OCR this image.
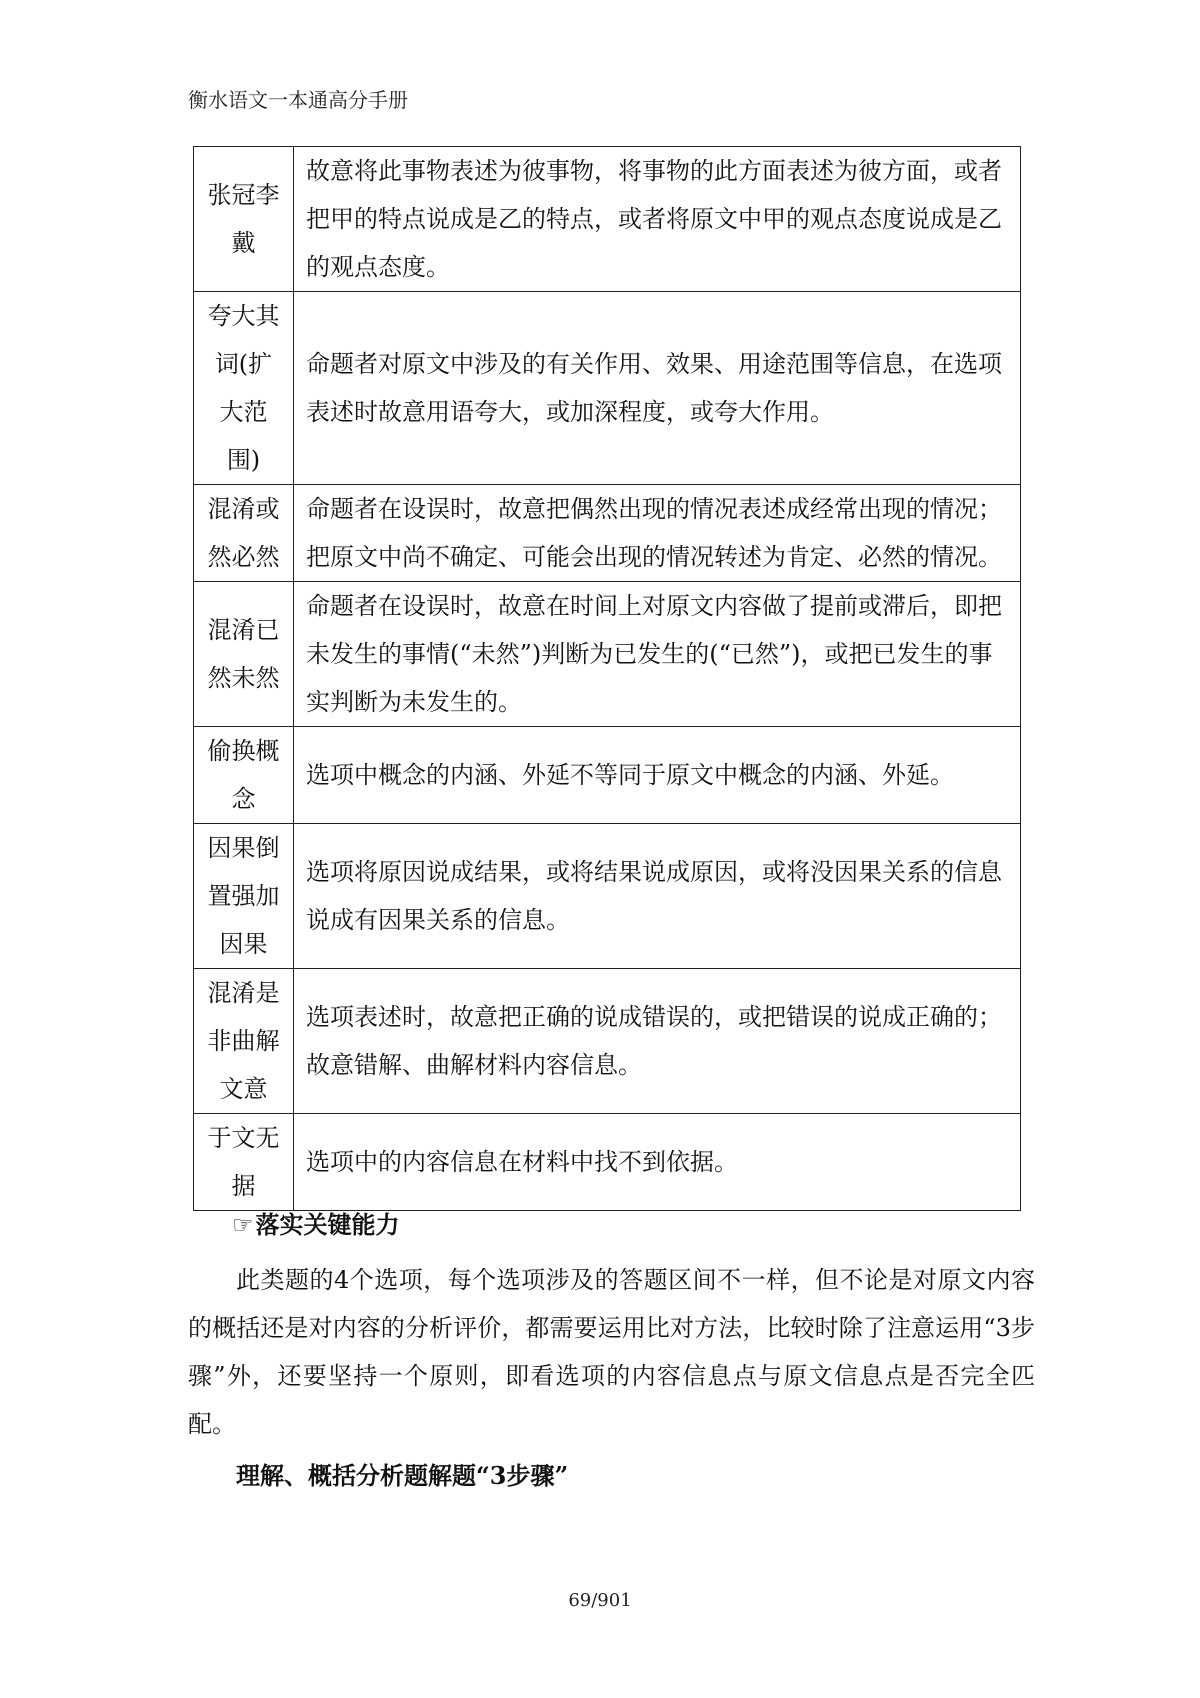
衡水语文一本通高分手册
张冠李戴	故意将此事物表述为彼事物，将事物的此方面表述为彼方面，或者把甲的特点说成是乙的特点，或者将原文中甲的观点态度说成是乙的观点态度。
夸大其词(扩大范围)	命题者对原文中涉及的有关作用、效果、用途范围等信息，在选项表述时故意用语夸大，或加深程度，或夸大作用。
混淆或然必然	命题者在设误时，故意把偶然出现的情况表述成经常出现的情况；把原文中尚不确定、可能会出现的情况转述为肯定、必然的情况。
混淆已然未然	命题者在设误时，故意在时间上对原文内容做了提前或滞后，即把未发生的事情(“未然”)判断为已发生的(“已然”)，或把已发生的事实判断为未发生的。
偷换概念	选项中概念的内涵、外延不等同于原文中概念的内涵、外延。
因果倒置强加因果	选项将原因说成结果，或将结果说成原因，或将没因果关系的信息说成有因果关系的信息。
混淆是非曲解文意	选项表述时，故意把正确的说成错误的，或把错误的说成正确的；故意错解、曲解材料内容信息。
于文无据	选项中的内容信息在材料中找不到依据。
☞落实关键能力

此类题的4个选项，每个选项涉及的答题区间不一样，但不论是对原文内容的概括还是对内容的分析评价，都需要运用比对方法，比较时除了注意运用“3步骤”外，还要坚持一个原则，即看选项的内容信息点与原文信息点是否完全匹配。

理解、概括分析题解题“3步骤”
69/901
